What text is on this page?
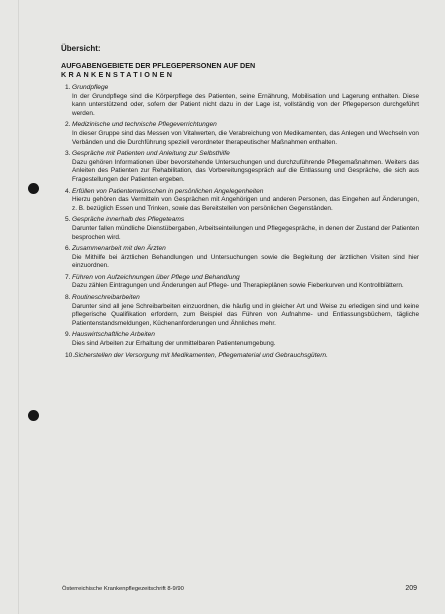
Übersicht:
AUFGABENGEBIETE DER PFLEGEPERSONEN AUF DEN
KRANKENSTATIONEN
1. Grundpflege
In der Grundpflege sind die Körperpflege des Patienten, seine Ernährung, Mobilisation und Lagerung enthalten. Diese kann unterstützend oder, sofern der Patient nicht dazu in der Lage ist, vollständig von der Pflegeperson durchgeführt werden.
2. Medizinische und technische Pflegeverrichtungen
In dieser Gruppe sind das Messen von Vitalwerten, die Verabreichung von Medikamenten, das Anlegen und Wechseln von Verbänden und die Durchführung speziell verordneter therapeutischer Maßnahmen enthalten.
3. Gespräche mit Patienten und Anleitung zur Selbsthilfe
Dazu gehören Informationen über bevorstehende Untersuchungen und durchzuführende Pflegemaßnahmen. Weiters das Anleiten des Patienten zur Rehabilitation, das Vorbereitungsgespräch auf die Entlassung und Gespräche, die sich aus Fragestellungen der Patienten ergeben.
4. Erfüllen von Patientenwünschen in persönlichen Angelegenheiten
Hierzu gehören das Vermitteln von Gesprächen mit Angehörigen und anderen Personen, das Eingehen auf Änderungen, z. B. bezüglich Essen und Trinken, sowie das Bereitstellen von persönlichen Gegenständen.
5. Gespräche innerhalb des Pflegeteams
Darunter fallen mündliche Dienstübergaben, Arbeitseinteilungen und Pflegegespräche, in denen der Zustand der Patienten besprochen wird.
6. Zusammenarbeit mit den Ärzten
Die Mithilfe bei ärztlichen Behandlungen und Untersuchungen sowie die Begleitung der ärztlichen Visiten sind hier einzuordnen.
7. Führen von Aufzeichnungen über Pflege und Behandlung
Dazu zählen Eintragungen und Änderungen auf Pflege- und Therapieplänen sowie Fieberkurven und Kontrollblättern.
8. Routineschreibarbeiten
Darunter sind all jene Schreibarbeiten einzuordnen, die häufig und in gleicher Art und Weise zu erledigen sind und keine pflegerische Qualifikation erfordern, zum Beispiel das Führen von Aufnahme- und Entlassungsbüchern, tägliche Patientenstandsmeldungen, Küchenanforderungen und Ähnliches mehr.
9. Hauswirtschaftliche Arbeiten
Dies sind Arbeiten zur Erhaltung der unmittelbaren Patientenumgebung.
10. Sicherstellen der Versorgung mit Medikamenten, Pflegematerial und Gebrauchsgütern.
Österreichische Krankenpflegezeitschrift 8-9/90	209
